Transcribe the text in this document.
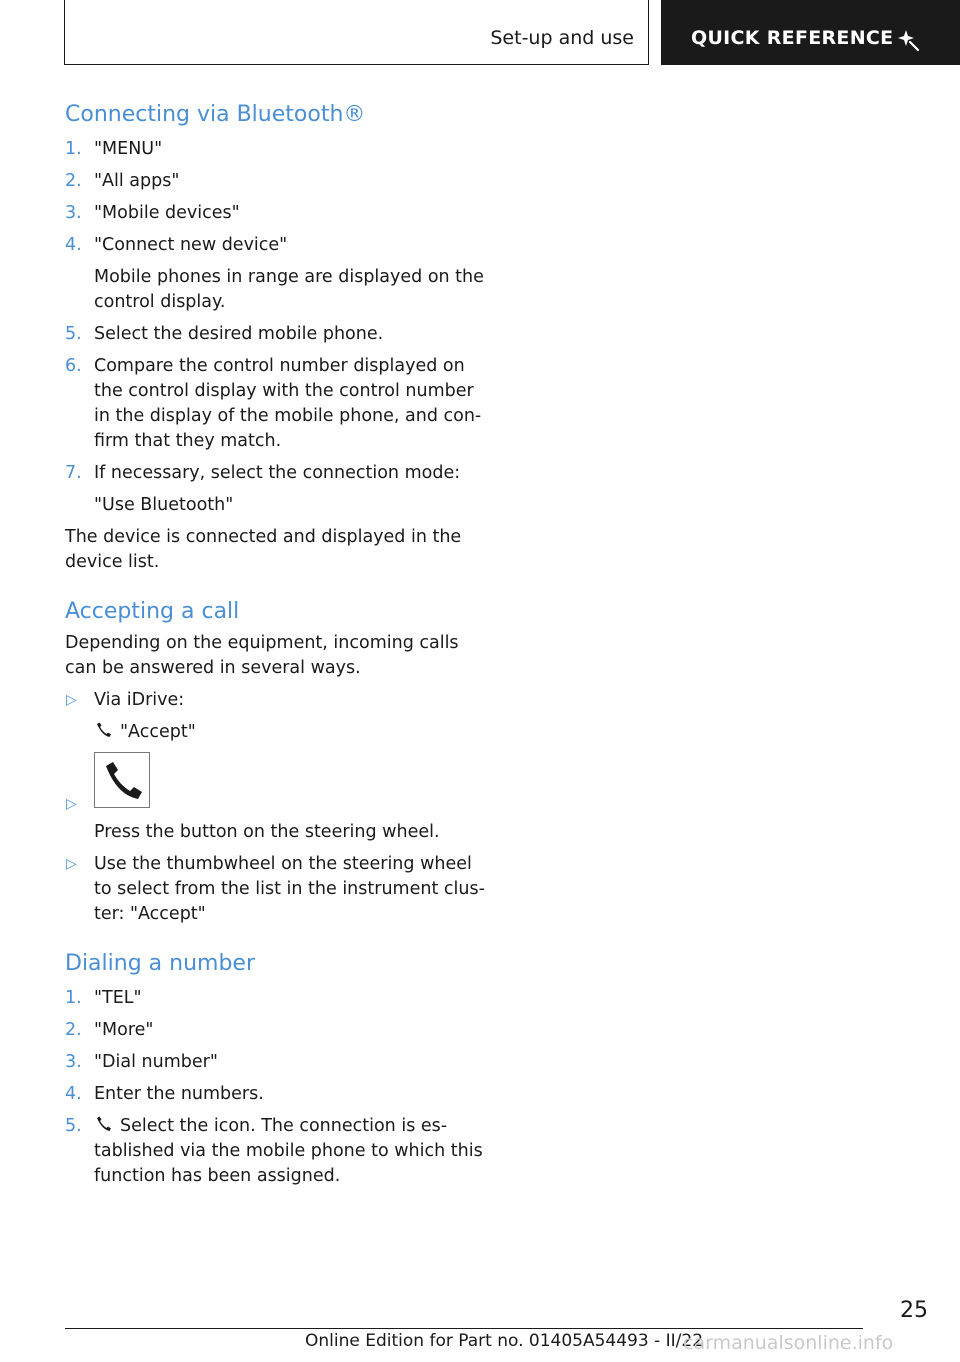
Set-up and use	QUICK REFERENCE
Connecting via Bluetooth®
1. "MENU"
2. "All apps"
3. "Mobile devices"
4. "Connect new device"
Mobile phones in range are displayed on the control display.
5. Select the desired mobile phone.
6. Compare the control number displayed on the control display with the control number in the display of the mobile phone, and con‐firm that they match.
7. If necessary, select the connection mode:
"Use Bluetooth"
The device is connected and displayed in the device list.
Accepting a call
Depending on the equipment, incoming calls can be answered in several ways.
▷ Via iDrive:
"Accept"
▷
Press the button on the steering wheel.
▷ Use the thumbwheel on the steering wheel to select from the list in the instrument clus‐ter: "Accept"
Dialing a number
1. "TEL"
2. "More"
3. "Dial number"
4. Enter the numbers.
5. Select the icon. The connection is es‐tablished via the mobile phone to which this function has been assigned.
25
Online Edition for Part no. 01405A54493 - II/22
carmanualsonline.info
